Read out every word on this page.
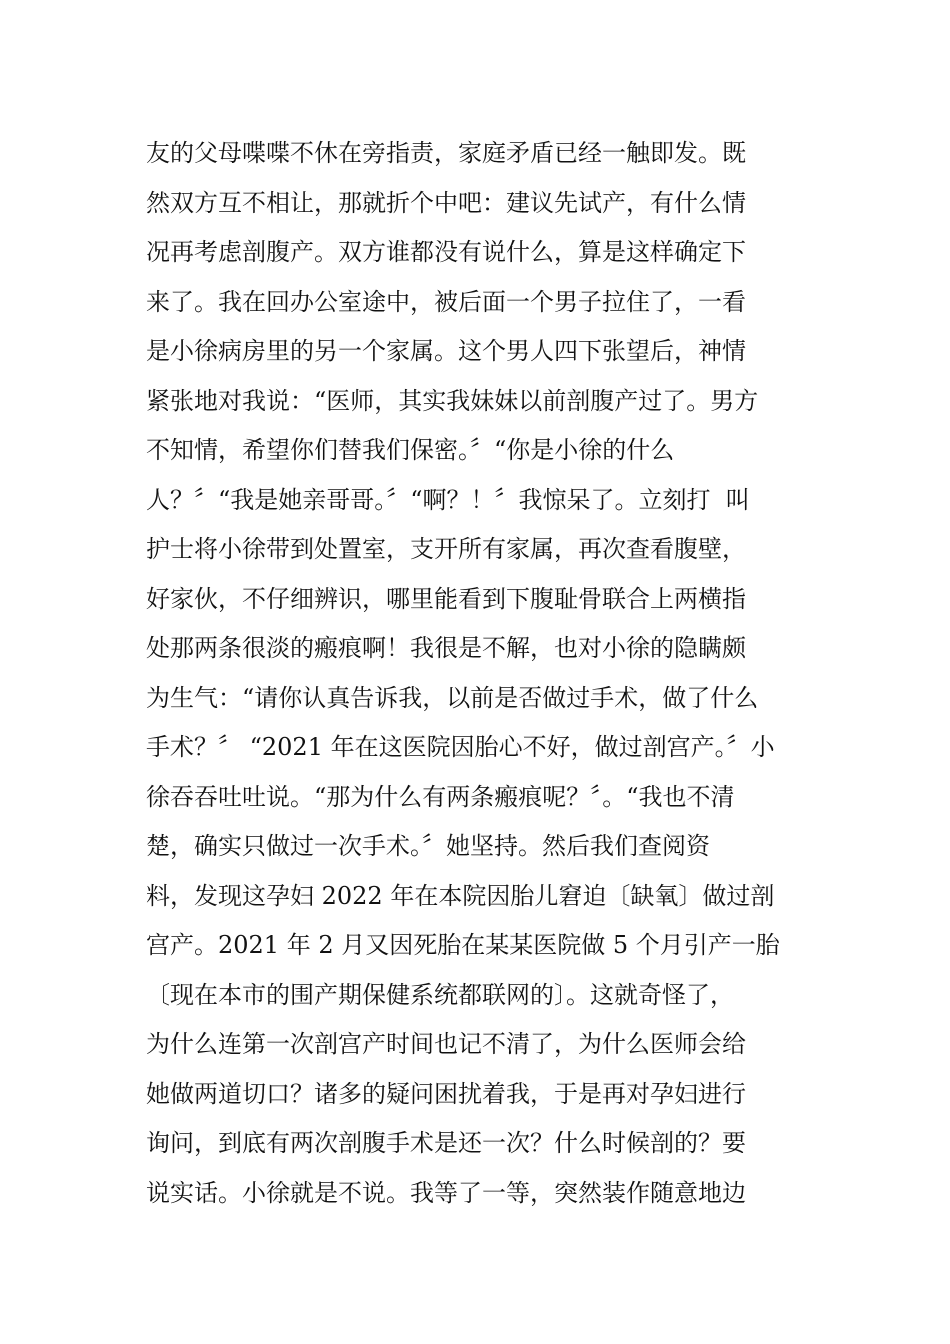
友的父母喋喋不休在旁指责，家庭矛盾已经一触即发。既
然双方互不相让，那就折个中吧：建议先试产，有什么情
况再考虑剖腹产。双方谁都没有说什么，算是这样确定下
来了。我在回办公室途中，被后面一个男子拉住了，一看
是小徐病房里的另一个家属。这个男人四下张望后，神情
紧张地对我说：“医师，其实我妹妹以前剖腹产过了。男方
不知情，希望你们替我们保密。〞“你是小徐的什么
人？〞“我是她亲哥哥。〞“啊？！〞我惊呆了。立刻打  叫
护士将小徐带到处置室，支开所有家属，再次查看腹壁，
好家伙，不仔细辨识，哪里能看到下腹耻骨联合上两横指
处那两条很淡的瘢痕啊！我很是不解，也对小徐的隐瞒颇
为生气：“请你认真告诉我，以前是否做过手术，做了什么
手术？〞 “2021 年在这医院因胎心不好，做过剖宫产。〞小
徐吞吞吐吐说。“那为什么有两条瘢痕呢？〞。“我也不清
楚，确实只做过一次手术。〞她坚持。然后我们查阅资
料，发现这孕妇 2022 年在本院因胎儿窘迫〔缺氧〕做过剖
宫产。2021 年 2 月又因死胎在某某医院做 5 个月引产一胎
〔现在本市的围产期保健系统都联网的〕。这就奇怪了，
为什么连第一次剖宫产时间也记不清了，为什么医师会给
她做两道切口？诸多的疑问困扰着我，于是再对孕妇进行
询问，到底有两次剖腹手术是还一次？什么时候剖的？要
说实话。小徐就是不说。我等了一等，突然装作随意地边
